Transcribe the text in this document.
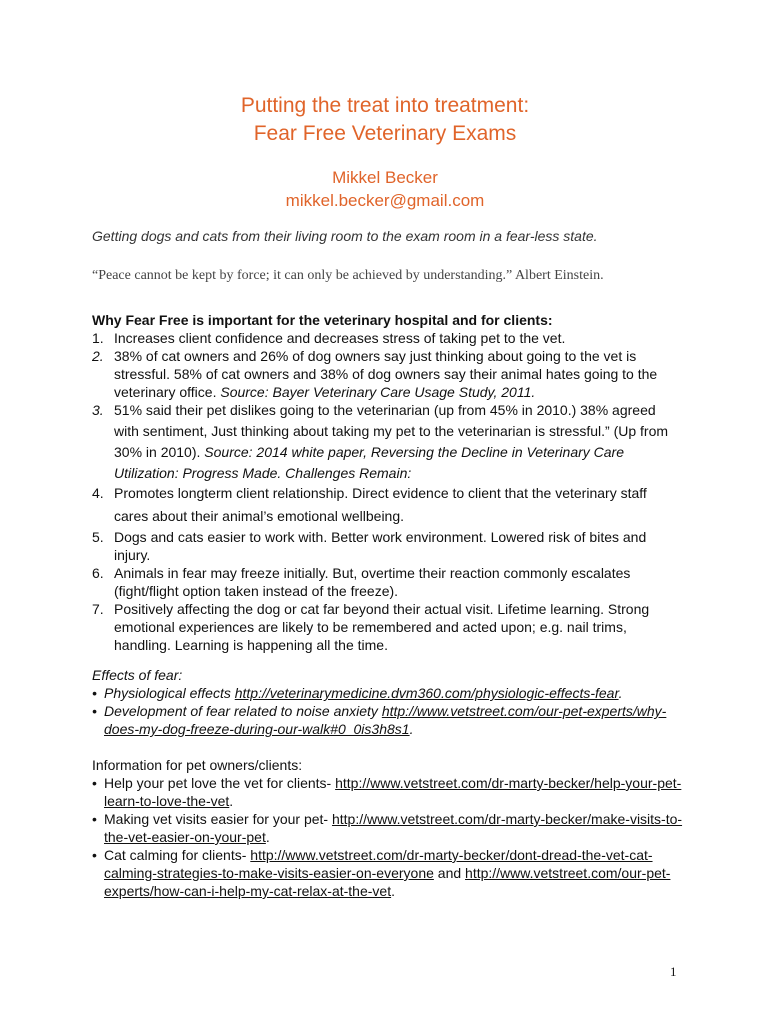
Putting the treat into treatment:
Fear Free Veterinary Exams
Mikkel Becker
mikkel.becker@gmail.com
Getting dogs and cats from their living room to the exam room in a fear-less state.
“Peace cannot be kept by force; it can only be achieved by understanding.” Albert Einstein.
Why Fear Free is important for the veterinary hospital and for clients:
1. Increases client confidence and decreases stress of taking pet to the vet.
2. 38% of cat owners and 26% of dog owners say just thinking about going to the vet is stressful. 58% of cat owners and 38% of dog owners say their animal hates going to the veterinary office. Source: Bayer Veterinary Care Usage Study, 2011.
3. 51% said their pet dislikes going to the veterinarian (up from 45% in 2010.) 38% agreed with sentiment, Just thinking about taking my pet to the veterinarian is stressful.” (Up from 30% in 2010). Source: 2014 white paper, Reversing the Decline in Veterinary Care Utilization: Progress Made. Challenges Remain:
4. Promotes longterm client relationship. Direct evidence to client that the veterinary staff cares about their animal’s emotional wellbeing.
5. Dogs and cats easier to work with. Better work environment. Lowered risk of bites and injury.
6. Animals in fear may freeze initially. But, overtime their reaction commonly escalates (fight/flight option taken instead of the freeze).
7. Positively affecting the dog or cat far beyond their actual visit. Lifetime learning. Strong emotional experiences are likely to be remembered and acted upon; e.g. nail trims, handling. Learning is happening all the time.
Effects of fear:
• Physiological effects http://veterinarymedicine.dvm360.com/physiologic-effects-fear.
• Development of fear related to noise anxiety http://www.vetstreet.com/our-pet-experts/why-does-my-dog-freeze-during-our-walk#0_0is3h8s1.
Information for pet owners/clients:
• Help your pet love the vet for clients- http://www.vetstreet.com/dr-marty-becker/help-your-pet-learn-to-love-the-vet.
• Making vet visits easier for your pet- http://www.vetstreet.com/dr-marty-becker/make-visits-to-the-vet-easier-on-your-pet.
• Cat calming for clients- http://www.vetstreet.com/dr-marty-becker/dont-dread-the-vet-cat-calming-strategies-to-make-visits-easier-on-everyone and http://www.vetstreet.com/our-pet-experts/how-can-i-help-my-cat-relax-at-the-vet.
1
